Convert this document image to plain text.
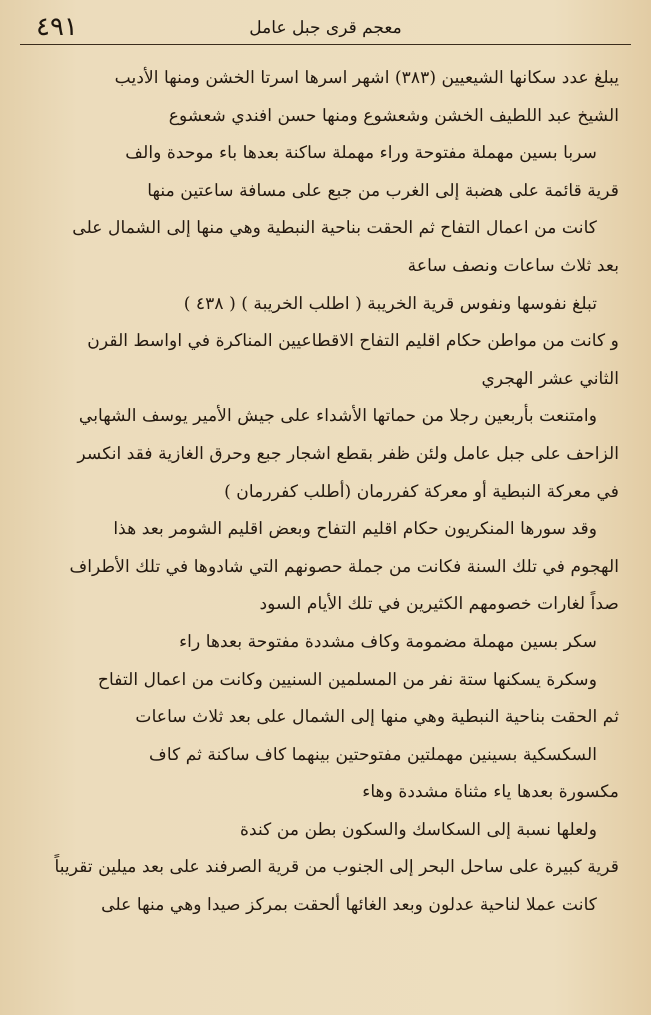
٤٩١	معجم قرى جبل عامل
يبلغ عدد سكانها الشيعيين (٣٨٣) اشهر اسرها اسرتا الخشن ومنها الأديب
الشيخ عبد اللطيف الخشن وشعشوع ومنها حسن افندي شعشوع
سربا بسين مهملة مفتوحة وراء مهملة ساكنة بعدها باء موحدة والف
قرية قائمة على هضبة إلى الغرب من جبع على مسافة ساعتين منها
كانت من اعمال التفاح ثم الحقت بناحية النبطية وهي منها إلى الشمال على
بعد ثلاث ساعات ونصف ساعة
تبلغ نفوسها ونفوس قرية الخريبة ( اطلب الخريبة ) ( ٤٣٨ )
و كانت من مواطن حكام اقليم التفاح الاقطاعيين المناكرة في اواسط القرن
الثاني عشر الهجري
وامتنعت بأربعين رجلا من حماتها الأشداء على جيش الأمير يوسف الشهابي
الزاحف على جبل عامل ولئن ظفر بقطع اشجار جبع وحرق الغازية فقد انكسر
في معركة النبطية أو معركة كفررمان (أطلب كفررمان )
وقد سورها المنكريون حكام اقليم التفاح وبعض اقليم الشومر بعد هذا
الهجوم في تلك السنة فكانت من جملة حصونهم التي شادوها في تلك الأطراف
صداً لغارات خصومهم الكثيرين في تلك الأيام السود
سكر بسين مهملة مضمومة وكاف مشددة مفتوحة بعدها راء
وسكرة يسكنها ستة نفر من المسلمين السنيين وكانت من اعمال التفاح
ثم الحقت بناحية النبطية وهي منها إلى الشمال على بعد ثلاث ساعات
السكسكية بسينين مهملتين مفتوحتين بينهما كاف ساكنة ثم كاف
مكسورة بعدها ياء مثناة مشددة وهاء
ولعلها نسبة إلى السكاسك والسكون بطن من كندة
قرية كبيرة على ساحل البحر إلى الجنوب من قرية الصرفند على بعد ميلين تقريباً
كانت عملا لناحية عدلون وبعد الغائها ألحقت بمركز صيدا وهي منها على
